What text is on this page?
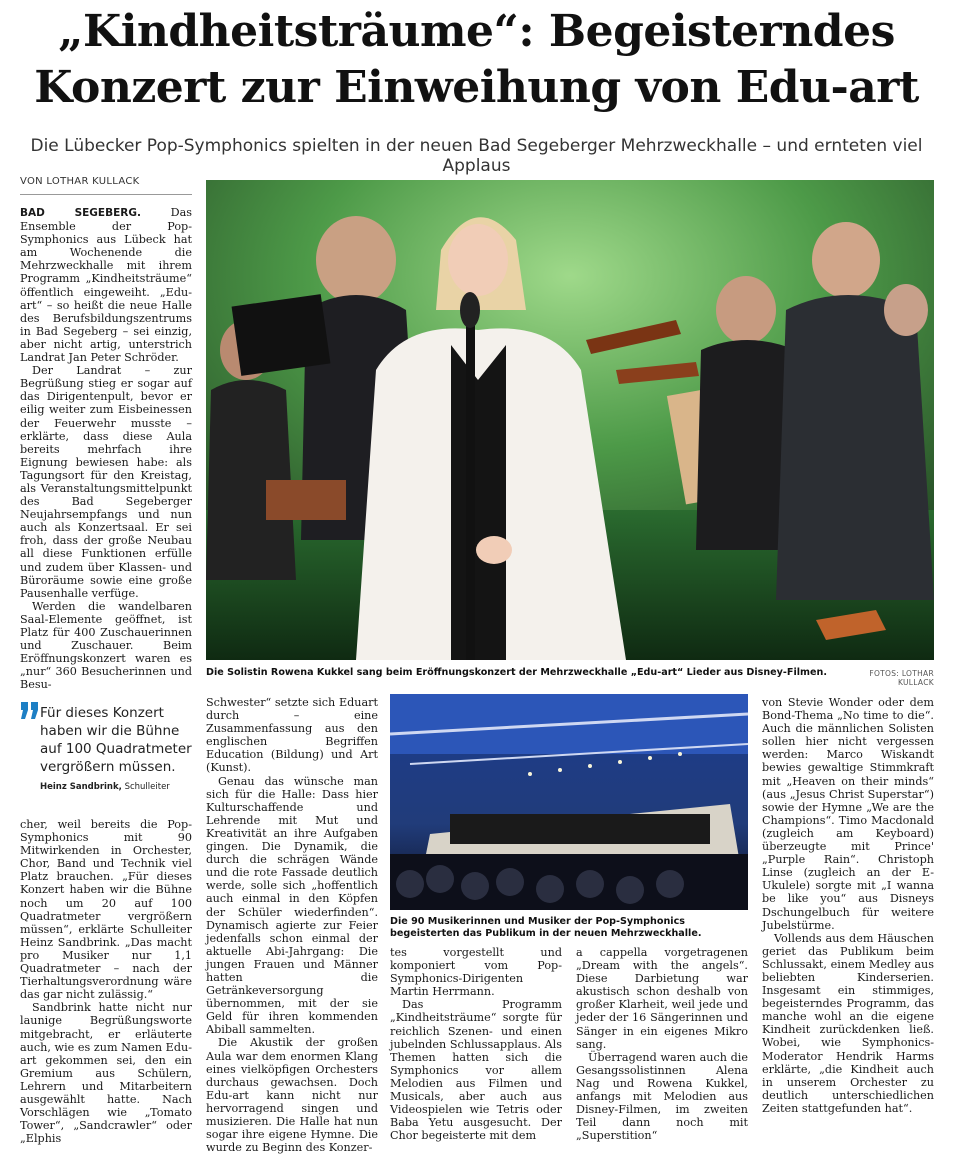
„Kindheitsträume“: Begeisterndes
Konzert zur Einweihung von Edu-art
Die Lübecker Pop-Symphonics spielten in der neuen Bad Segeberger Mehrzweckhalle – und ernteten viel Applaus
VON LOTHAR KULLACK

BAD SEGEBERG.	Das Ensemble der Pop-Symphonics aus Lübeck hat am Wochenende die Mehrzweckhalle mit ihrem Programm „Kindheitsträume“ öffentlich eingeweiht. „Edu-art“ – so heißt die neue Halle des Berufsbildungszentrums in Bad Segeberg – sei einzig, aber nicht artig, unterstrich Landrat Jan Peter Schröder.

Der Landrat – zur Begrüßung stieg er sogar auf das Dirigentenpult, bevor er eilig weiter zum Eisbeinessen der Feuerwehr musste – erklärte, dass diese Aula bereits mehrfach ihre Eignung bewiesen habe: als Tagungsort für den Kreistag, als Veranstaltungsmittelpunkt des Bad Segeberger Neujahrsempfangs und nun auch als Konzertsaal. Er sei froh, dass der große Neubau all diese Funktionen erfülle und zudem über Klassen- und Büroräume sowie eine große Pausenhalle verfüge.

Werden die wandelbaren Saal-Elemente geöffnet, ist Platz für 400 Zuschauerinnen und Zuschauer. Beim Eröffnungskonzert waren es „nur“ 360 Besucherinnen und Besu-

Für dieses Konzert haben wir die Bühne auf 100 Quadratmeter vergrößern müssen.
Heinz Sandbrink, Schulleiter

cher, weil bereits die Pop-Symphonics mit 90 Mitwirkenden in Orchester, Chor, Band und Technik viel Platz brauchen. „Für dieses Konzert haben wir die Bühne noch um 20 auf 100 Quadratmeter vergrößern müssen“, erklärte Schulleiter Heinz Sandbrink. „Das macht pro Musiker nur 1,1 Quadratmeter – nach der Tierhaltungsverordnung wäre das gar nicht zulässig.“

Sandbrink hatte nicht nur launige Begrüßungsworte mitgebracht, er erläuterte auch, wie es zum Namen Edu-art gekommen sei, den ein Gremium aus Schülern, Lehrern und Mitarbeitern ausgewählt hatte. Nach Vorschlägen wie „Tomato Tower“, „Sandcrawler“ oder „Elphis

Die Solistin Rowena Kukkel sang beim Eröffnungskonzert der Mehrzweckhalle „Edu-art“ Lieder aus Disney-Filmen.	FOTOS: LOTHAR KULLACK

Schwester“ setzte sich Eduart durch – eine Zusammenfassung aus den englischen Begriffen Education (Bildung) und Art (Kunst).

Genau das wünsche man sich für die Halle: Dass hier Kulturschaffende und Lehrende mit Mut und Kreativität an ihre Aufgaben gingen. Die Dynamik, die durch die schrägen Wände und die rote Fassade deutlich werde, solle sich „hoffentlich auch einmal in den Köpfen der Schüler wiederfinden“. Dynamisch agierte zur Feier jedenfalls schon einmal der aktuelle Abi-Jahrgang: Die jungen Frauen und Männer hatten die Getränkeversorgung übernommen, mit der sie Geld für ihren kommenden Abiball sammelten.

Die Akustik der großen Aula war dem enormen Klang eines vielköpfigen Orchesters durchaus gewachsen. Doch Edu-art kann nicht nur hervorragend singen und musizieren. Die Halle hat nun sogar ihre eigene Hymne. Die wurde zu Beginn des Konzer-

Die 90 Musikerinnen und Musiker der Pop-Symphonics begeisterten das Publikum in der neuen Mehrzweckhalle.

tes vorgestellt und komponiert vom Pop-Symphonics-Dirigenten Martin Herrmann.

Das Programm „Kindheitsträume“ sorgte für reichlich Szenen- und einen jubelnden Schlussapplaus. Als Themen hatten sich die Symphonics vor allem Melodien aus Filmen und Musicals, aber auch aus Videospielen wie Tetris oder Baba Yetu ausgesucht. Der Chor begeisterte mit dem

a cappella vorgetragenen „Dream with the angels“. Diese Darbietung war akustisch schon deshalb von großer Klarheit, weil jede und jeder der 16 Sängerinnen und Sänger in ein eigenes Mikro sang.

Überragend waren auch die Gesangssolistinnen Alena Nag und Rowena Kukkel, anfangs mit Melodien aus Disney-Filmen, im zweiten Teil dann noch mit „Superstition“

von Stevie Wonder oder dem Bond-Thema „No time to die“. Auch die männlichen Solisten sollen hier nicht vergessen werden: Marco Wiskandt bewies gewaltige Stimmkraft mit „Heaven on their minds“ (aus „Jesus Christ Superstar“) sowie der Hymne „We are the Champions“. Timo Macdonald (zugleich am Keyboard) überzeugte mit Prince' „Purple Rain“. Christoph Linse (zugleich an der E-Ukulele) sorgte mit „I wanna be like you“ aus Disneys Dschungelbuch für weitere Jubelstürme.

Vollends aus dem Häuschen geriet das Publikum beim Schlussakt, einem Medley aus beliebten Kinderserien. Insgesamt ein stimmiges, begeisterndes Programm, das manche wohl an die eigene Kindheit zurückdenken ließ. Wobei, wie Symphonics-Moderator Hendrik Harms erklärte, „die Kindheit auch in unserem Orchester zu deutlich unterschiedlichen Zeiten stattgefunden hat“.
